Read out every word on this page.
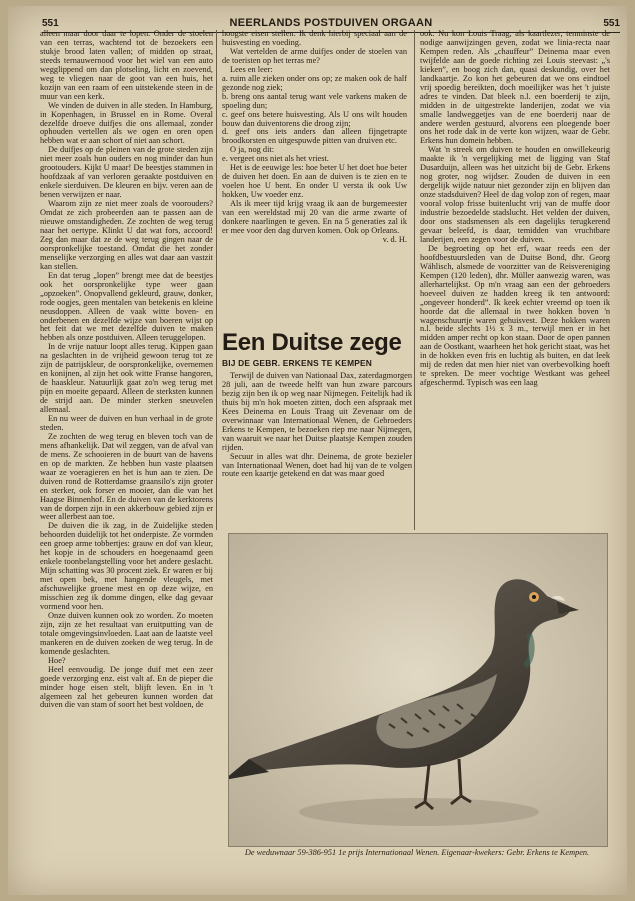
551	NEERLANDS POSTDUIVEN ORGAAN	551

alleen maar door daar te lopen. Onder de stoelen van een terras, wachtend tot de bezoekers een stukje brood laten vallen; of midden op straat, steeds ternauwernood voor het wiel van een auto wegglippend om dan plotseling, licht en zoevend, weg te vliegen naar de goot van een huis, het kozijn van een raam of een uitstekende steen in de muur van een kerk.

We vinden de duiven in alle steden. In Hamburg, in Kopenhagen, in Brussel en in Rome. Overal dezelfde droeve duifjes die ons allemaal, zonder ophouden vertellen als we ogen en oren open hebben wat er aan schort of niet aan schort.

De duifjes op de pleinen van de grote steden zijn niet meer zoals hun ouders en nog minder dan hun grootouders. Kijkt U maar! De beestjes stammen in hoofdzaak af van verloren geraakte postduiven en enkele sierduiven. De kleuren en bijv. veren aan de benen verwijzen er naar.

Waarom zijn ze niet meer zoals de voorouders? Omdat ze zich probeerden aan te passen aan de nieuwe omstandigheden. Ze zochten de weg terug naar het oertype. Klinkt U dat wat fors, accoord! Zeg dan maar dat ze de weg terug gingen naar de oorspronkelijke toestand. Omdat die het zonder menselijke verzorging en alles wat daar aan vastzit kan stellen.

En dat terug „lopen” brengt mee dat de beestjes ook het oorspronkelijke type weer gaan „opzoeken”. Onopvallend gekleurd, grauw, donker, rode oogjes, geen mentalen van betekenis en kleine neusdoppen. Alleen de vaak witte boven- en onderbenen en dezelfde wijze van boeren wijst op het feit dat we met dezelfde duiven te maken hebben als onze postduiven. Alleen teruggelopen.

In de vrije natuur loopt alles terug. Kippen gaan na geslachten in de vrijheid gewoon terug tot ze zijn de patrijskleur, de oorspronkelijke, overnemen en konijnen, al zijn het ook witte Franse hangoren, de haaskleur. Natuurlijk gaat zo'n weg terug met pijn en moeite gepaard. Alleen de sterksten kunnen de strijd aan. De minder sterken sneuvelen allemaal.

En nu weer de duiven en hun verhaal in de grote steden.

Ze zochten de weg terug en bleven toch van de mens afhankelijk. Dat wil zeggen, van de afval van de mens. Ze schooieren in de buurt van de havens en op de markten. Ze hebben hun vaste plaatsen waar ze voeragieren en het is hun aan te zien. De duiven rond de Rotterdamse graansilo's zijn groter en sterker, ook forser en mooier, dan die van het Haagse Binnenhof. En de duiven van de kerktorens van de dorpen zijn in een akkerbouw gebied zijn er weer allerbest aan toe.

De duiven die ik zag, in de Zuidelijke steden behoorden duidelijk tot het onderpiste. Ze vormden een groep arme tobbertjes: grauw en dof van kleur, het kopje in de schouders en hoegenaamd geen enkele toonbelangstelling voor het andere geslacht. Mijn schatting was 30 procent ziek. Er waren er bij met open bek, met hangende vleugels, met afschuwelijke groene mest en op deze wijze, en misschien zeg ik domme dingen, elke dag gevaar vormend voor hen.

Onze duiven kunnen ook zo worden. Zo moeten zijn, zijn ze het resultaat van eruitputting van de totale omgevingsinvloeden. Laat aan de laatste veel mankeren en de duiven zoeken de weg terug. In de komende geslachten.

Hoe?

Heel eenvoudig. De jonge duif met een zeer goede verzorging enz. eist valt af. En de pieper die minder hoge eisen stelt, blijft leven. En in 't algemeen zal het gebeuren kunnen worden dat duiven die van stam of soort het best voldoen, de

hoogste eisen stellen. Ik denk hierbij speciaal aan de huisvesting en voeding.

Wat vertelden de arme duifjes onder de stoelen van de toeristen op het terras me?

Lees en leer:

a. ruim alle zieken onder ons op; ze maken ook de half gezonde nog ziek;

b. breng ons aantal terug want vele varkens maken de spoeling dun;

c. geef ons betere huisvesting. Als U ons wilt houden bouw dan duiventorens die droog zijn;

d. geef ons iets anders dan alleen fijngetrapte broodkorsten en uitgespuwde pitten van druiven etc.

O ja, nog dit:

e. vergeet ons niet als het vriest.

Het is de eeuwige les: hoe beter U het doet hoe beter de duiven het doen. En aan de duiven is te zien en te voelen hoe U bent. En onder U versta ik ook Uw hokken, Uw voeder enz.

Als ik meer tijd krijg vraag ik aan de burgemeester van een wereldstad mij 20 van die arme zwarte of donkere naarlingen te geven. En na 5 generaties zal ik er mee voor den dag durven komen. Ook op Orleans.

v. d. H.

Een Duitse zege
BIJ DE GEBR. ERKENS TE KEMPEN

Terwijl de duiven van Nationaal Dax, zaterdagmorgen 28 juli, aan de tweede helft van hun zware parcours bezig zijn ben ik op weg naar Nijmegen. Feitelijk had ik thuis bij m'n hok moeten zitten, doch een afspraak met Kees Deinema en Louis Traag uit Zevenaar om de overwinnaar van Internationaal Wenen, de Gebroeders Erkens te Kempen, te bezoeken riep me naar Nijmegen, van waaruit we naar het Duitse plaatsje Kempen zouden rijden.

Secuur in alles wat dhr. Deinema, de grote bezieler van Internationaal Wenen, doet had hij van de te volgen route een kaartje getekend en dat was maar goed

ook. Nu kon Louis Traag, als kaartlezer, tenminste de nodige aanwijzingen geven, zodat we linia-recta naar Kempen reden. Als „chauffeur” Deinema maar even twijfelde aan de goede richting zei Louis steevast: „'s kieken”, en boog zich dan, quasi deskundig, over het landkaartje. Zo kon het gebeuren dat we ons eindtoel vrij spoedig bereikten, doch moeilijker was het 't juiste adres te vinden. Dat bleek n.l. een boerderij te zijn, midden in de uitgestrekte landerijen, zodat we via smalle landweggetjes van de ene boerderij naar de andere werden gestuurd, alvorens een ploegende boer ons het rode dak in de verte kon wijzen, waar de Gebr. Erkens hun domein hebben.

Wat 'n streek om duiven te houden en onwillekeurig maakte ik 'n vergelijking met de ligging van Staf Dusarduijn, alleen was het uitzicht bij de Gebr. Erkens nog groter, nog wijdser. Zouden de duiven in een dergelijk wijde natuur niet gezonder zijn en blijven dan onze stadsduiven? Heel de dag volop zon of regen, maar vooral volop frisse buitenlucht vrij van de muffe door industrie bezoedelde stadslucht. Het velden der duiven, door ons stadsmensen als een dagelijks terugkerend gevaar beleefd, is daar, temidden van vruchtbare landerijen, een zegen voor de duiven.

De begroeting op het erf, waar reeds een der hoofdbestuursleden van de Duitse Bond, dhr. Georg Wählisch, alsmede de voorzitter van de Reisvereniging Kempen (120 leden), dhr. Müller aanwezig waren, was allerhartelijkst. Op m'n vraag aan een der gebroeders hoeveel duiven ze hadden kreeg ik ten antwoord: „ongeveer honderd”. Ik keek echter vreemd op toen ik hoorde dat die allemaal in twee hokken boven 'n wagenschuurtje waren gehuisvest. Deze hokken waren n.l. beide slechts 1½ x 3 m., terwijl men er in het midden amper recht op kon staan. Door de open pannen aan de Oostkant, waarheen het hok gericht staat, was het in de hokken even fris en luchtig als buiten, en dat leek mij de reden dat men hier niet van overbevolking hoeft te spreken. De meer vochtige Westkant was geheel afgeschermd. Typisch was een laag

De weduwnaar 59-386-951 1e prijs Internationaal Wenen. Eigenaar-kwekers: Gebr. Erkens te Kempen.
